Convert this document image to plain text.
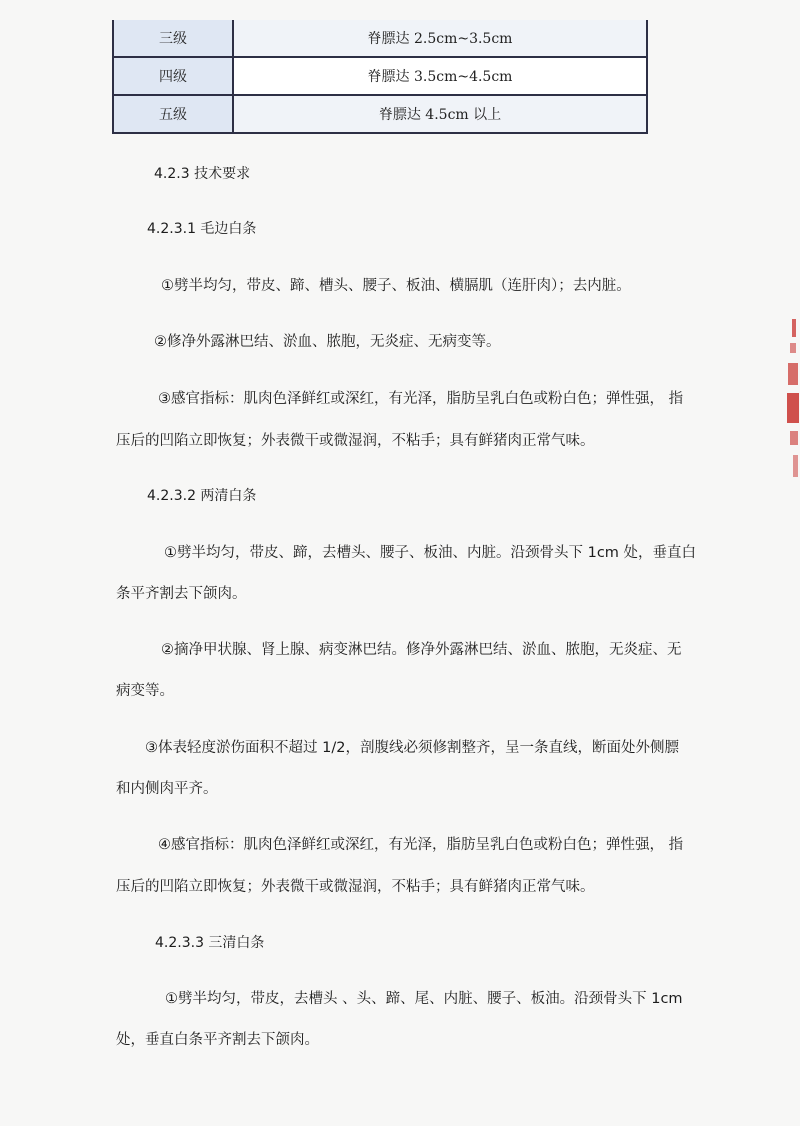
三级	脊膘达 2.5cm~3.5cm
四级	脊膘达 3.5cm~4.5cm
五级	脊膘达 4.5cm 以上
4.2.3 技术要求
4.2.3.1 毛边白条
①劈半均匀，带皮、蹄、槽头、腰子、板油、横膈肌（连肝肉）；去内脏。
②修净外露淋巴结、淤血、脓胞，无炎症、无病变等。
③感官指标：肌肉色泽鲜红或深红，有光泽，脂肪呈乳白色或粉白色；弹性强， 指
压后的凹陷立即恢复；外表微干或微湿润，不粘手；具有鲜猪肉正常气味。
4.2.3.2 两清白条
①劈半均匀，带皮、蹄，去槽头、腰子、板油、内脏。沿颈骨头下 1cm 处，垂直白
条平齐割去下颌肉。
②摘净甲状腺、肾上腺、病变淋巴结。修净外露淋巴结、淤血、脓胞，无炎症、无
病变等。
③体表轻度淤伤面积不超过 1/2，剖腹线必须修割整齐，呈一条直线，断面处外侧膘
和内侧肉平齐。
④感官指标：肌肉色泽鲜红或深红，有光泽，脂肪呈乳白色或粉白色；弹性强， 指
压后的凹陷立即恢复；外表微干或微湿润，不粘手；具有鲜猪肉正常气味。
4.2.3.3 三清白条
①劈半均匀，带皮，去槽头 、头、蹄、尾、内脏、腰子、板油。沿颈骨头下 1cm
处，垂直白条平齐割去下颌肉。
